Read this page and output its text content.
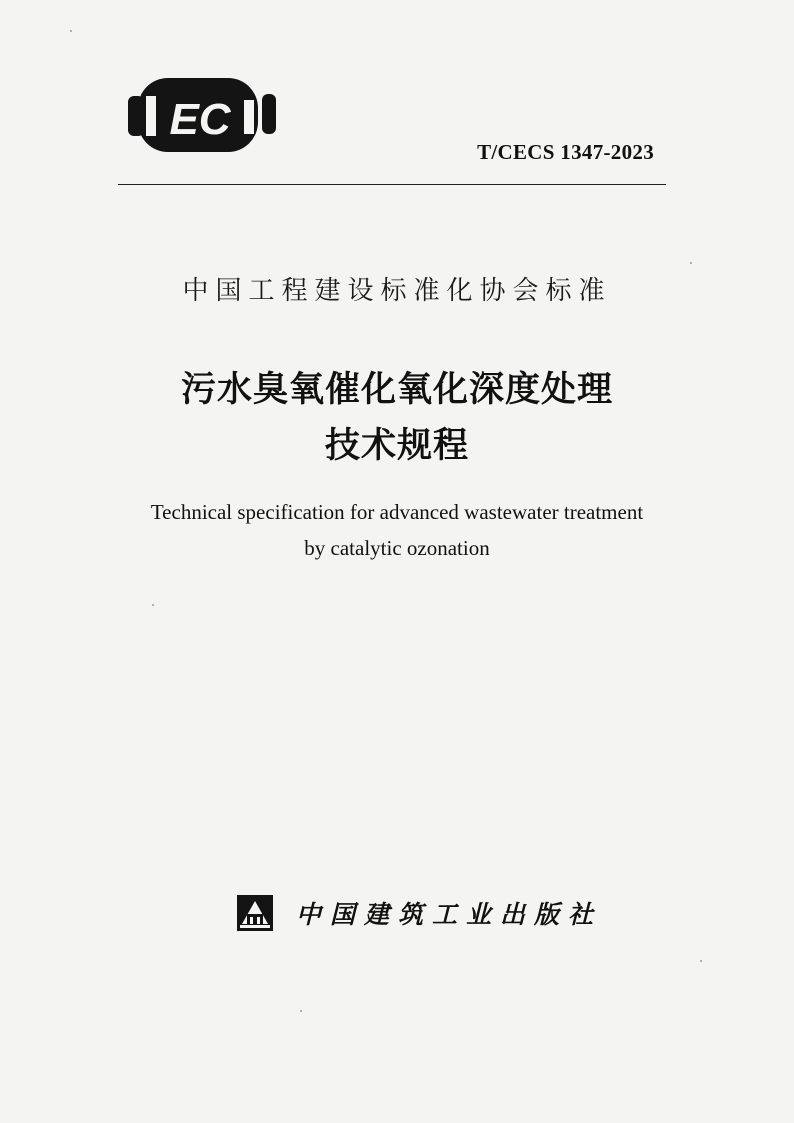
EC
T/CECS 1347-2023
中国工程建设标准化协会标准
污水臭氧催化氧化深度处理
技术规程
Technical specification for advanced wastewater treatment
by catalytic ozonation
中国建筑工业出版社
